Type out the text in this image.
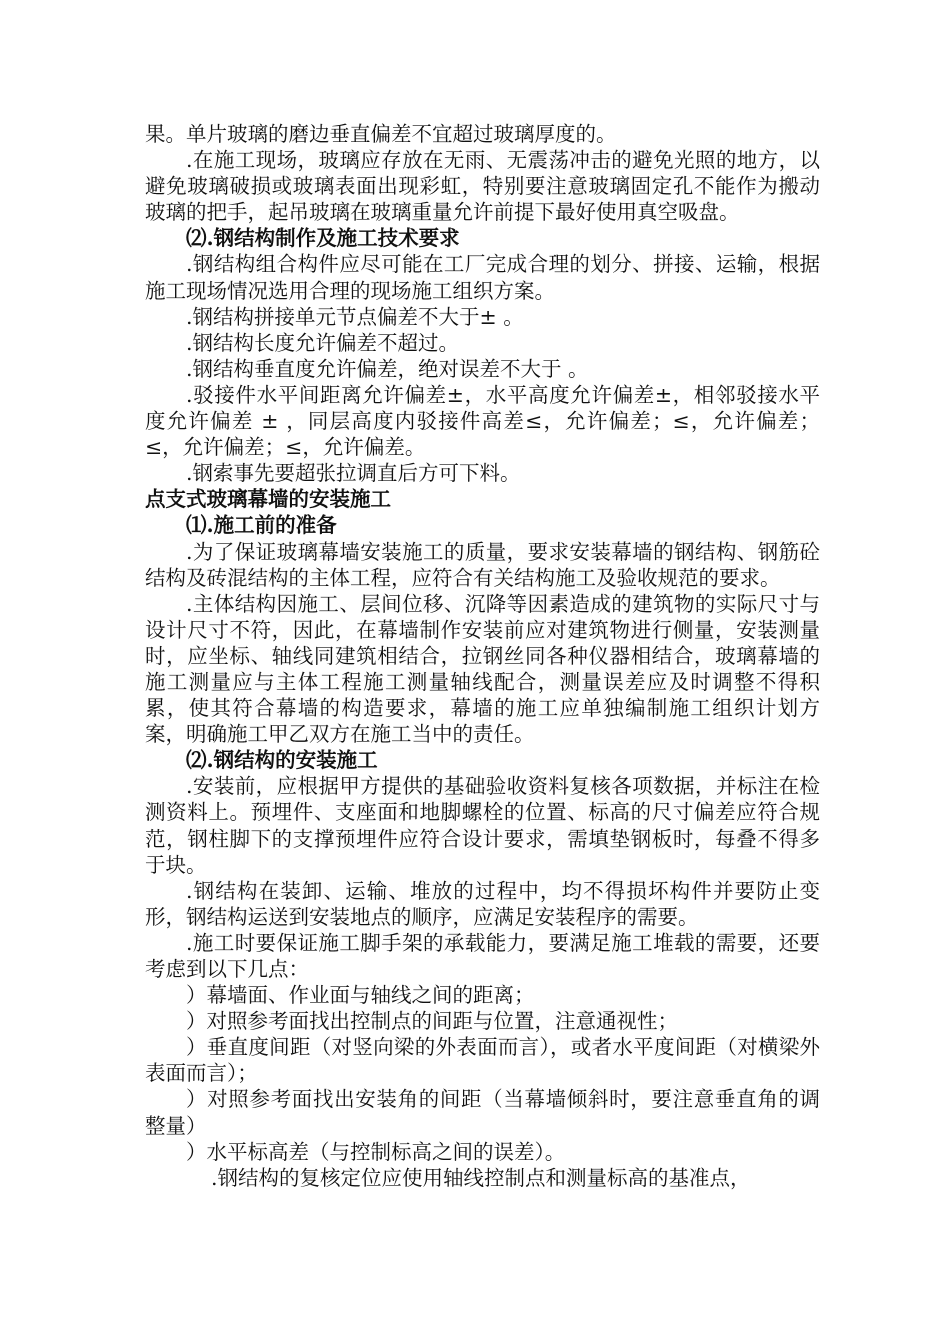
果。单片玻璃的磨边垂直偏差不宜超过玻璃厚度的。

.在施工现场，玻璃应存放在无雨、无震荡冲击的避免光照的地方，以避免玻璃破损或玻璃表面出现彩虹，特别要注意玻璃固定孔不能作为搬动玻璃的把手，起吊玻璃在玻璃重量允许前提下最好使用真空吸盘。

⑵.钢结构制作及施工技术要求

.钢结构组合构件应尽可能在工厂完成合理的划分、拼接、运输，根据施工现场情况选用合理的现场施工组织方案。

.钢结构拼接单元节点偏差不大于± 。

.钢结构长度允许偏差不超过。

.钢结构垂直度允许偏差，绝对误差不大于 。

.驳接件水平间距离允许偏差±，水平高度允许偏差±，相邻驳接水平度允许偏差 ± ，同层高度内驳接件高差≤，允许偏差；≤，允许偏差；≤，允许偏差；≤，允许偏差。

.钢索事先要超张拉调直后方可下料。

点支式玻璃幕墙的安装施工

⑴.施工前的准备

.为了保证玻璃幕墙安装施工的质量，要求安装幕墙的钢结构、钢筋砼结构及砖混结构的主体工程，应符合有关结构施工及验收规范的要求。

.主体结构因施工、层间位移、沉降等因素造成的建筑物的实际尺寸与设计尺寸不符，因此，在幕墙制作安装前应对建筑物进行侧量，安装测量时，应坐标、轴线同建筑相结合，拉钢丝同各种仪器相结合，玻璃幕墙的施工测量应与主体工程施工测量轴线配合，测量误差应及时调整不得积累，使其符合幕墙的构造要求，幕墙的施工应单独编制施工组织计划方案，明确施工甲乙双方在施工当中的责任。

⑵.钢结构的安装施工

.安装前，应根据甲方提供的基础验收资料复核各项数据，并标注在检测资料上。预埋件、支座面和地脚螺栓的位置、标高的尺寸偏差应符合规范，钢柱脚下的支撑预埋件应符合设计要求，需填垫钢板时，每叠不得多于块。

.钢结构在装卸、运输、堆放的过程中，均不得损坏构件并要防止变形，钢结构运送到安装地点的顺序，应满足安装程序的需要。

.施工时要保证施工脚手架的承载能力，要满足施工堆载的需要，还要考虑到以下几点：

）幕墙面、作业面与轴线之间的距离；

）对照参考面找出控制点的间距与位置，注意通视性；

）垂直度间距（对竖向梁的外表面而言），或者水平度间距（对横梁外表面而言）；

）对照参考面找出安装角的间距（当幕墙倾斜时，要注意垂直角的调整量）

）水平标高差（与控制标高之间的误差）。

.钢结构的复核定位应使用轴线控制点和测量标高的基准点，
